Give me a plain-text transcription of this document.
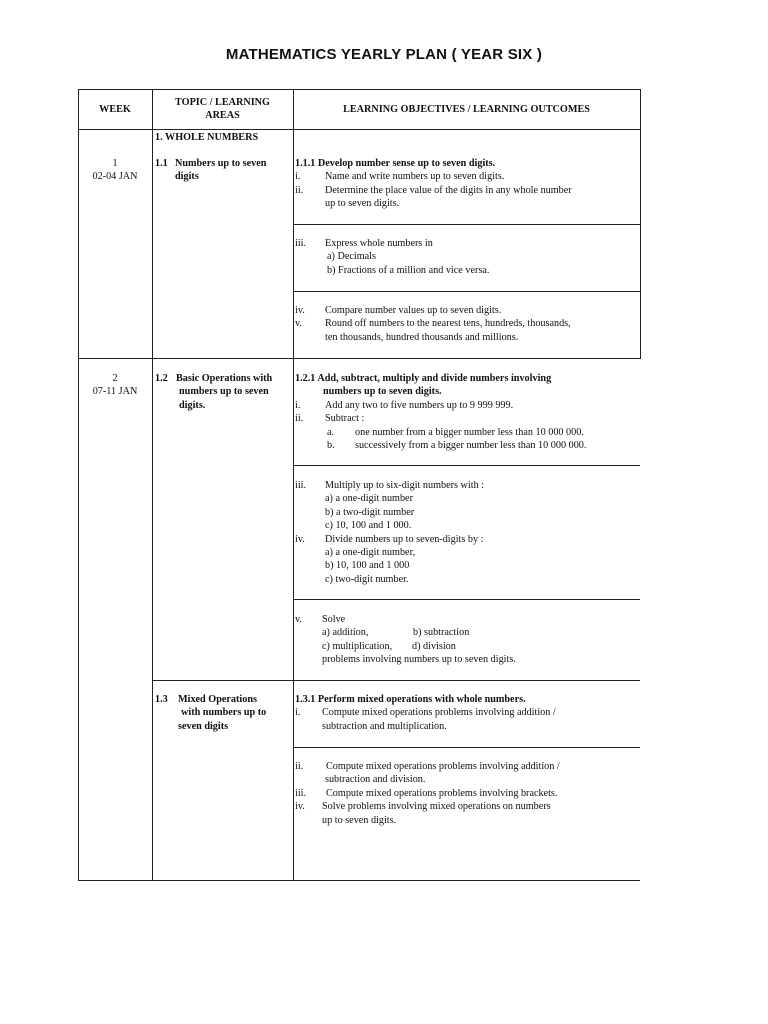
MATHEMATICS YEARLY PLAN ( YEAR SIX )
WEEK
TOPIC / LEARNING
AREAS
LEARNING OBJECTIVES / LEARNING OUTCOMES
1. WHOLE NUMBERS
1
02-04 JAN
1.1 Numbers up to seven
digits
1.1.1 Develop number sense up to seven digits.
i. Name and write numbers up to seven digits.
ii. Determine the place value of the digits in any whole number
up to seven digits.
iii. Express whole numbers in
a) Decimals
b) Fractions of a million and vice versa.
iv. Compare number values up to seven digits.
v. Round off numbers to the nearest tens, hundreds, thousands,
ten thousands, hundred thousands and millions.
2
07-11 JAN
1.2 Basic Operations with
numbers up to seven
digits.
1.2.1 Add, subtract, multiply and divide numbers involving
numbers up to seven digits.
i. Add any two to five numbers up to 9 999 999.
ii. Subtract :
a. one number from a bigger number less than 10 000 000.
b. successively from a bigger number less than 10 000 000.
iii. Multiply up to six-digit numbers with :
a) a one-digit number
b) a two-digit number
c) 10, 100 and 1 000.
iv. Divide numbers up to seven-digits by :
a) a one-digit number,
b) 10, 100 and 1 000
c) two-digit number.
v. Solve
a) addition,	b) subtraction
c) multiplication, d) division
problems involving numbers up to seven digits.
1.3 Mixed Operations
with numbers up to
seven digits
1.3.1 Perform mixed operations with whole numbers.
i. Compute mixed operations problems involving addition /
subtraction and multiplication.
ii. Compute mixed operations problems involving addition /
subtraction and division.
iii. Compute mixed operations problems involving brackets.
iv. Solve problems involving mixed operations on numbers
up to seven digits.
